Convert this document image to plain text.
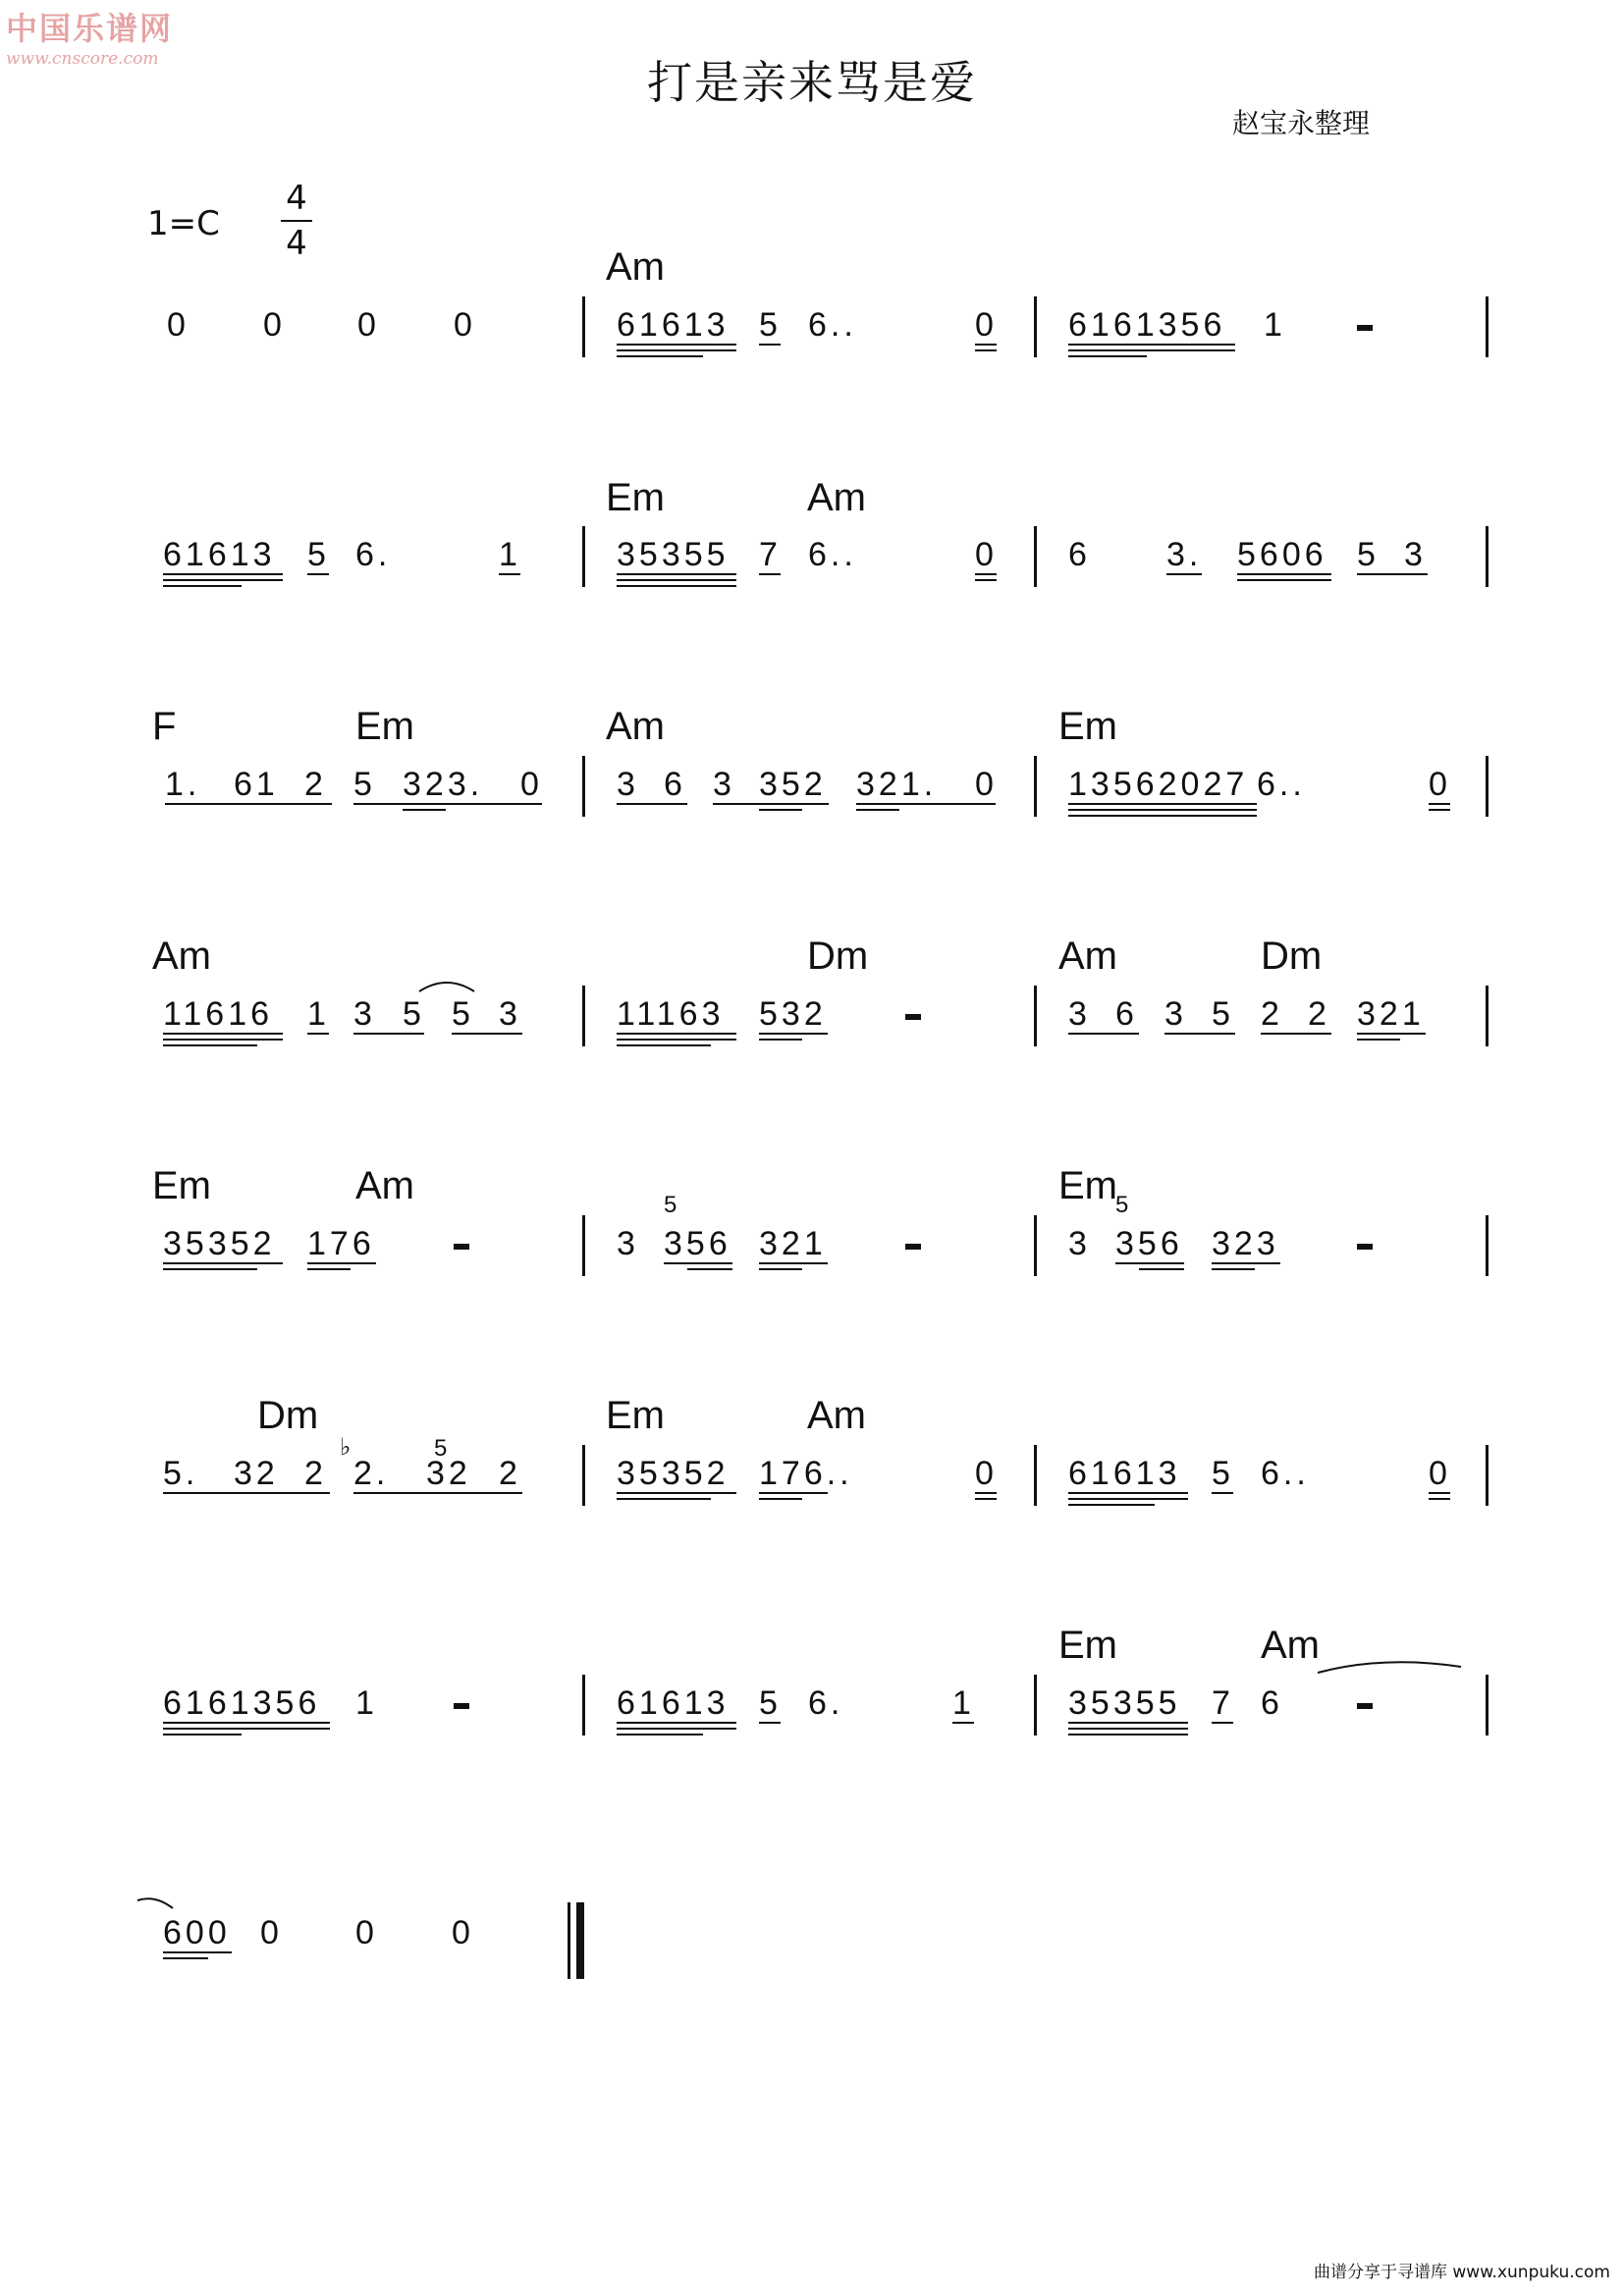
中国乐谱网
www.cnscore.com	打是亲来骂是爱
赵宝永整理
1=C
4
4
Am
0 0 0 0	61613 5 6..	0 6161356 1
Em	Am
61613 5 6.	1	35355 7 6..	0 6 3. 5606 5 3
F	Em	Am	Em
1. 61 2 5 323. 0 3 6 3 352 321. 0 13562027 6..	0
Am	Dm	Am	Dm
11616 1 3 5 5 3	11163 532	3 6 3 5 2 2 321
Em	Am	Em
35352 176
5
3 356 321
5
3 356 323
Dm	Em	Am
5. 32 2
♭
2.
5
32 2	35352 176..	0 61613 5 6..	0
Em	Am
6161356 1	61613 5 6.	1	35355 7 6
600 0 0 0
曲谱分享于寻谱库 www.xunpuku.com
